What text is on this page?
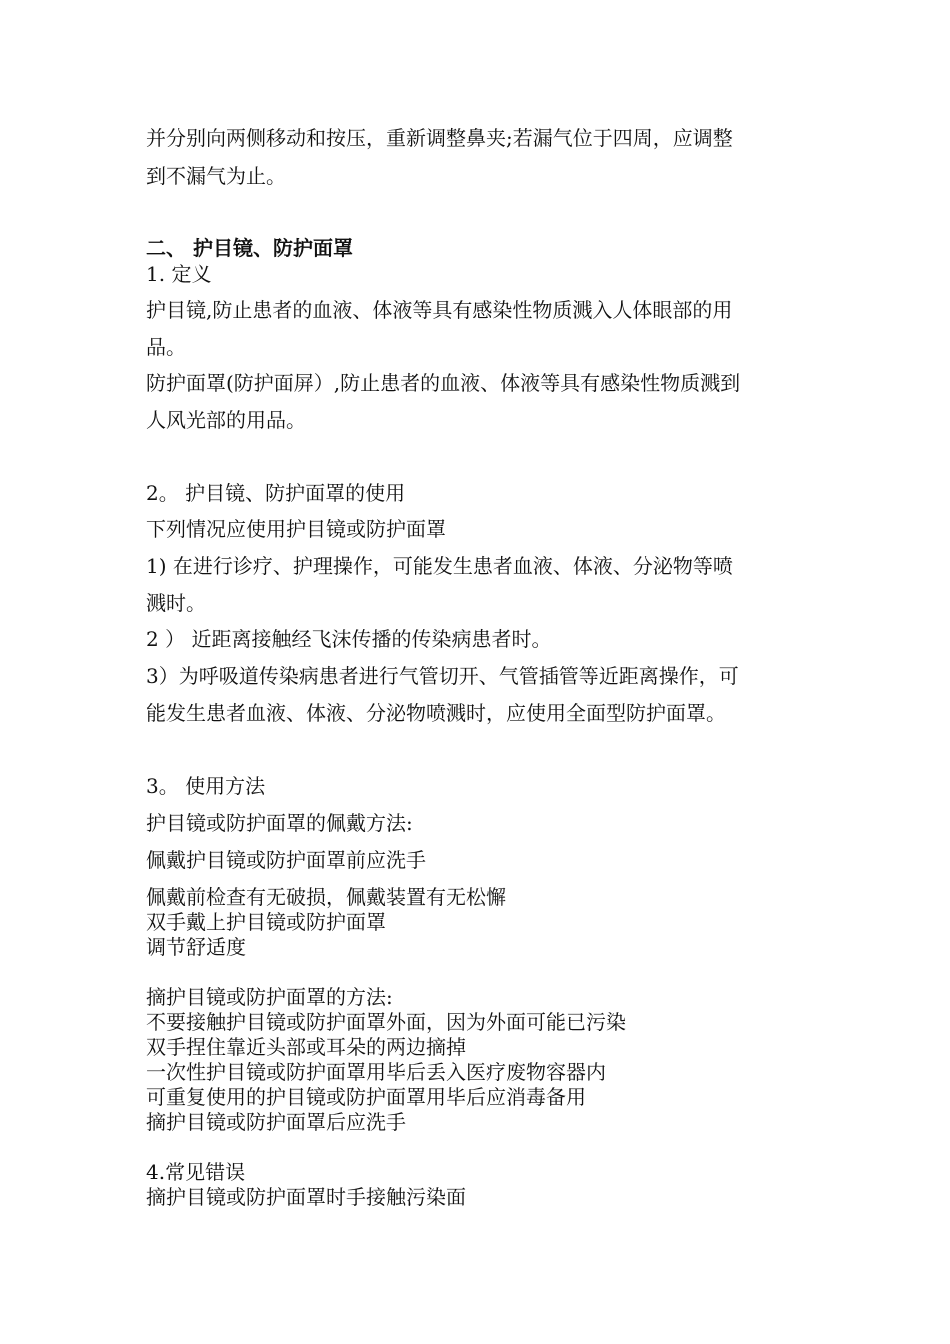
并分别向两侧移动和按压，重新调整鼻夹;若漏气位于四周，应调整

到不漏气为止。

二、 护目镜、防护面罩

1. 定义

护目镜,防止患者的血液、体液等具有感染性物质溅入人体眼部的用

品。

防护面罩(防护面屏）,防止患者的血液、体液等具有感染性物质溅到

人风光部的用品。

2。 护目镜、防护面罩的使用

下列情况应使用护目镜或防护面罩

1) 在进行诊疗、护理操作，可能发生患者血液、体液、分泌物等喷

溅时。

2 ） 近距离接触经飞沫传播的传染病患者时。

3）为呼吸道传染病患者进行气管切开、气管插管等近距离操作，可

能发生患者血液、体液、分泌物喷溅时，应使用全面型防护面罩。

3。 使用方法

护目镜或防护面罩的佩戴方法:

佩戴护目镜或防护面罩前应洗手

佩戴前检查有无破损，佩戴装置有无松懈

双手戴上护目镜或防护面罩

调节舒适度

摘护目镜或防护面罩的方法:

不要接触护目镜或防护面罩外面，因为外面可能已污染

双手捏住靠近头部或耳朵的两边摘掉

一次性护目镜或防护面罩用毕后丢入医疗废物容器内

可重复使用的护目镜或防护面罩用毕后应消毒备用

摘护目镜或防护面罩后应洗手

4.常见错误

摘护目镜或防护面罩时手接触污染面
